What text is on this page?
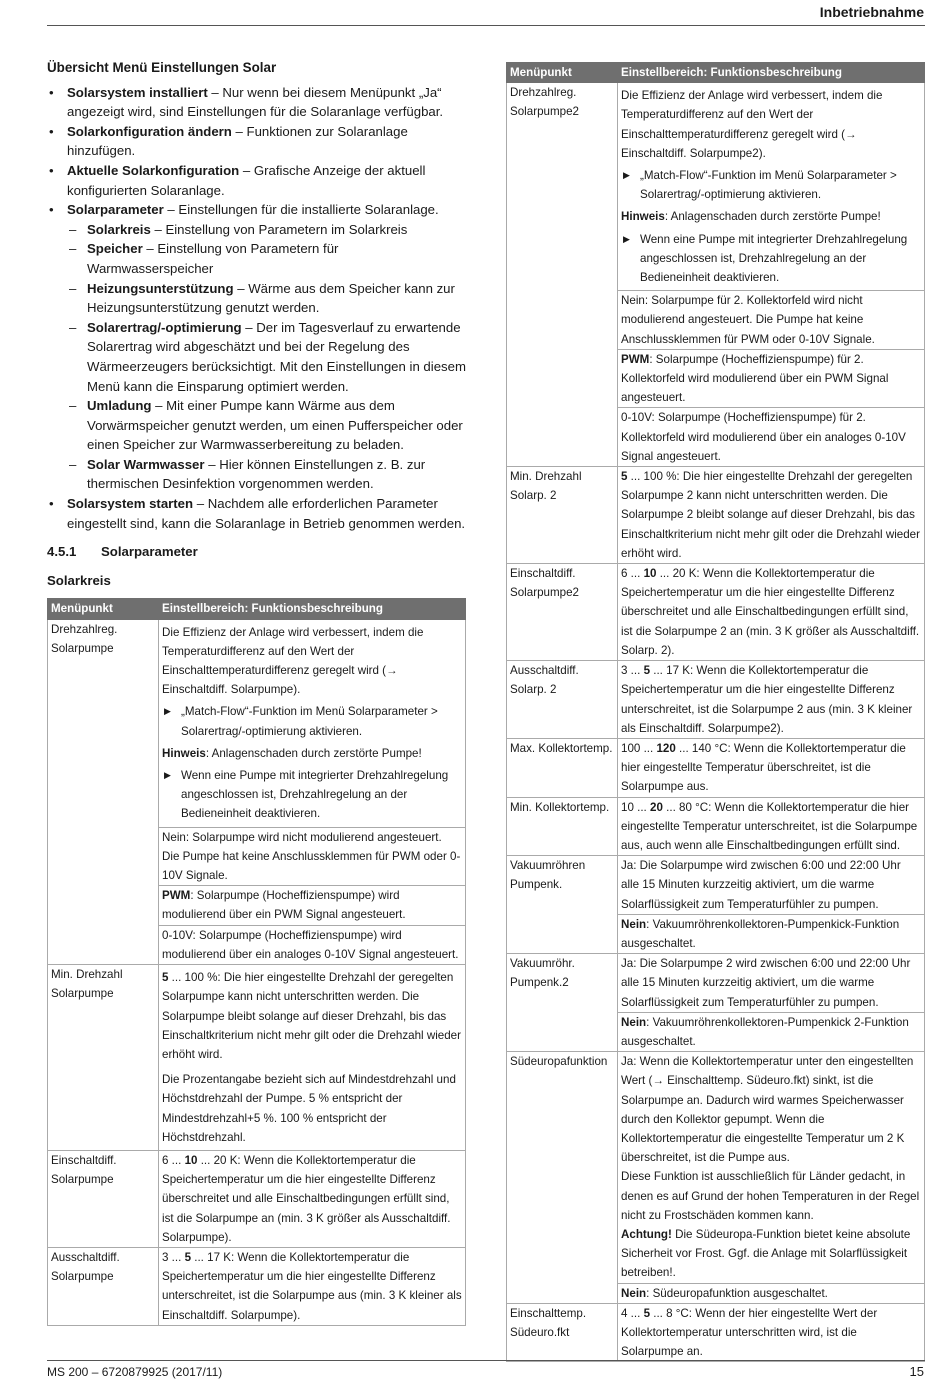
Inbetriebnahme
Übersicht Menü Einstellungen Solar
• Solarsystem installiert – Nur wenn bei diesem Menüpunkt „Ja“ angezeigt wird, sind Einstellungen für die Solaranlage verfügbar.
• Solarkonfiguration ändern – Funktionen zur Solaranlage hinzufügen.
• Aktuelle Solarkonfiguration – Grafische Anzeige der aktuell konfigurierten Solaranlage.
• Solarparameter – Einstellungen für die installierte Solaranlage.
– Solarkreis – Einstellung von Parametern im Solarkreis
– Speicher – Einstellung von Parametern für Warmwasserspeicher
– Heizungsunterstützung – Wärme aus dem Speicher kann zur Heizungsunterstützung genutzt werden.
– Solarertrag/-optimierung – Der im Tagesverlauf zu erwartende Solarertrag wird abgeschätzt und bei der Regelung des Wärmeerzeugers berücksichtigt. Mit den Einstellungen in diesem Menü kann die Einsparung optimiert werden.
– Umladung – Mit einer Pumpe kann Wärme aus dem Vorwärmspeicher genutzt werden, um einen Pufferspeicher oder einen Speicher zur Warmwasserbereitung zu beladen.
– Solar Warmwasser – Hier können Einstellungen z. B. zur thermischen Desinfektion vorgenommen werden.
• Solarsystem starten – Nachdem alle erforderlichen Parameter eingestellt sind, kann die Solaranlage in Betrieb genommen werden.
4.5.1 Solarparameter
Solarkreis
Menüpunkt	Einstellbereich: Funktionsbeschreibung
Drehzahlreg. Solarpumpe	Die Effizienz der Anlage wird verbessert, indem die Temperaturdifferenz auf den Wert der Einschalttemperaturdifferenz geregelt wird (→ Einschaltdiff. Solarpumpe).
▶ „Match-Flow“-Funktion im Menü Solarparameter > Solarertrag/-optimierung aktivieren.
Hinweis: Anlagenschaden durch zerstörte Pumpe!
▶ Wenn eine Pumpe mit integrierter Drehzahlregelung angeschlossen ist, Drehzahlregelung an der Bedieneinheit deaktivieren.

	Nein: Solarpumpe wird nicht modulierend angesteuert. Die Pumpe hat keine Anschlussklemmen für PWM oder 0-10V Signale.
	PWM: Solarpumpe (Hocheffizienspumpe) wird modulierend über ein PWM Signal angesteuert.
	0-10V: Solarpumpe (Hocheffizienspumpe) wird modulierend über ein analoges 0-10V Signal angesteuert.
Min. Drehzahl Solarpumpe	5 ... 100 %: Die hier eingestellte Drehzahl der geregelten Solarpumpe kann nicht unterschritten werden. Die Solarpumpe bleibt solange auf dieser Drehzahl, bis das Einschaltkriterium nicht mehr gilt oder die Drehzahl wieder erhöht wird.
Die Prozentangabe bezieht sich auf Mindestdrehzahl und Höchstdrehzahl der Pumpe. 5 % entspricht der Mindestdrehzahl+5 %. 100 % entspricht der Höchstdrehzahl.

Einschaltdiff. Solarpumpe	6 ... 10 ... 20 K: Wenn die Kollektortemperatur die Speichertemperatur um die hier eingestellte Differenz überschreitet und alle Einschaltbedingungen erfüllt sind, ist die Solarpumpe an (min. 3 K größer als Ausschaltdiff. Solarpumpe).
Ausschaltdiff. Solarpumpe	3 ... 5 ... 17 K: Wenn die Kollektortemperatur die Speichertemperatur um die hier eingestellte Differenz unterschreitet, ist die Solarpumpe aus (min. 3 K kleiner als Einschaltdiff. Solarpumpe).
Menüpunkt	Einstellbereich: Funktionsbeschreibung
Drehzahlreg. Solarpumpe2	Die Effizienz der Anlage wird verbessert, indem die Temperaturdifferenz auf den Wert der Einschalttemperaturdifferenz geregelt wird (→ Einschaltdiff. Solarpumpe2).
▶ „Match-Flow“-Funktion im Menü Solarparameter > Solarertrag/-optimierung aktivieren.
Hinweis: Anlagenschaden durch zerstörte Pumpe!
▶ Wenn eine Pumpe mit integrierter Drehzahlregelung angeschlossen ist, Drehzahlregelung an der Bedieneinheit deaktivieren.

	Nein: Solarpumpe für 2. Kollektorfeld wird nicht modulierend angesteuert. Die Pumpe hat keine Anschlussklemmen für PWM oder 0-10V Signale.
	PWM: Solarpumpe (Hocheffizienspumpe) für 2. Kollektorfeld wird modulierend über ein PWM Signal angesteuert.
	0-10V: Solarpumpe (Hocheffizienspumpe) für 2. Kollektorfeld wird modulierend über ein analoges 0-10V Signal angesteuert.
Min. Drehzahl Solarp. 2	5 ... 100 %: Die hier eingestellte Drehzahl der geregelten Solarpumpe 2 kann nicht unterschritten werden. Die Solarpumpe 2 bleibt solange auf dieser Drehzahl, bis das Einschaltkriterium nicht mehr gilt oder die Drehzahl wieder erhöht wird.
Einschaltdiff. Solarpumpe2	6 ... 10 ... 20 K: Wenn die Kollektortemperatur die Speichertemperatur um die hier eingestellte Differenz überschreitet und alle Einschaltbedingungen erfüllt sind, ist die Solarpumpe 2 an (min. 3 K größer als Ausschaltdiff. Solarp. 2).
Ausschaltdiff. Solarp. 2	3 ... 5 ... 17 K: Wenn die Kollektortemperatur die Speichertemperatur um die hier eingestellte Differenz unterschreitet, ist die Solarpumpe 2 aus (min. 3 K kleiner als Einschaltdiff. Solarpumpe2).
Max. Kollektortemp.	100 ... 120 ... 140 °C: Wenn die Kollektortemperatur die hier eingestellte Temperatur überschreitet, ist die Solarpumpe aus.
Min. Kollektortemp.	10 ... 20 ... 80 °C: Wenn die Kollektortemperatur die hier eingestellte Temperatur unterschreitet, ist die Solarpumpe aus, auch wenn alle Einschaltbedingungen erfüllt sind.
Vakuumröhren Pumpenk.	Ja: Die Solarpumpe wird zwischen 6:00 und 22:00 Uhr alle 15 Minuten kurzzeitig aktiviert, um die warme Solarflüssigkeit zum Temperaturfühler zu pumpen.
	Nein: Vakuumröhrenkollektoren-Pumpenkick-Funktion ausgeschaltet.
Vakuumröhr. Pumpenk.2	Ja: Die Solarpumpe 2 wird zwischen 6:00 und 22:00 Uhr alle 15 Minuten kurzzeitig aktiviert, um die warme Solarflüssigkeit zum Temperaturfühler zu pumpen.
	Nein: Vakuumröhrenkollektoren-Pumpenkick 2-Funktion ausgeschaltet.
Südeuropafunktion	Ja: Wenn die Kollektortemperatur unter den eingestellten Wert (→ Einschalttemp. Südeuro.fkt) sinkt, ist die Solarpumpe an. Dadurch wird warmes Speicherwasser durch den Kollektor gepumpt. Wenn die Kollektortemperatur die eingestellte Temperatur um 2 K überschreitet, ist die Pumpe aus.
Diese Funktion ist ausschließlich für Länder gedacht, in denen es auf Grund der hohen Temperaturen in der Regel nicht zu Frostschäden kommen kann.
Achtung! Die Südeuropa-Funktion bietet keine absolute Sicherheit vor Frost. Ggf. die Anlage mit Solarflüssigkeit betreiben!.

	Nein: Südeuropafunktion ausgeschaltet.
Einschalttemp. Südeuro.fkt	4 ... 5 ... 8 °C: Wenn der hier eingestellte Wert der Kollektortemperatur unterschritten wird, ist die Solarpumpe an.
MS 200 – 6720879925 (2017/11)	15
